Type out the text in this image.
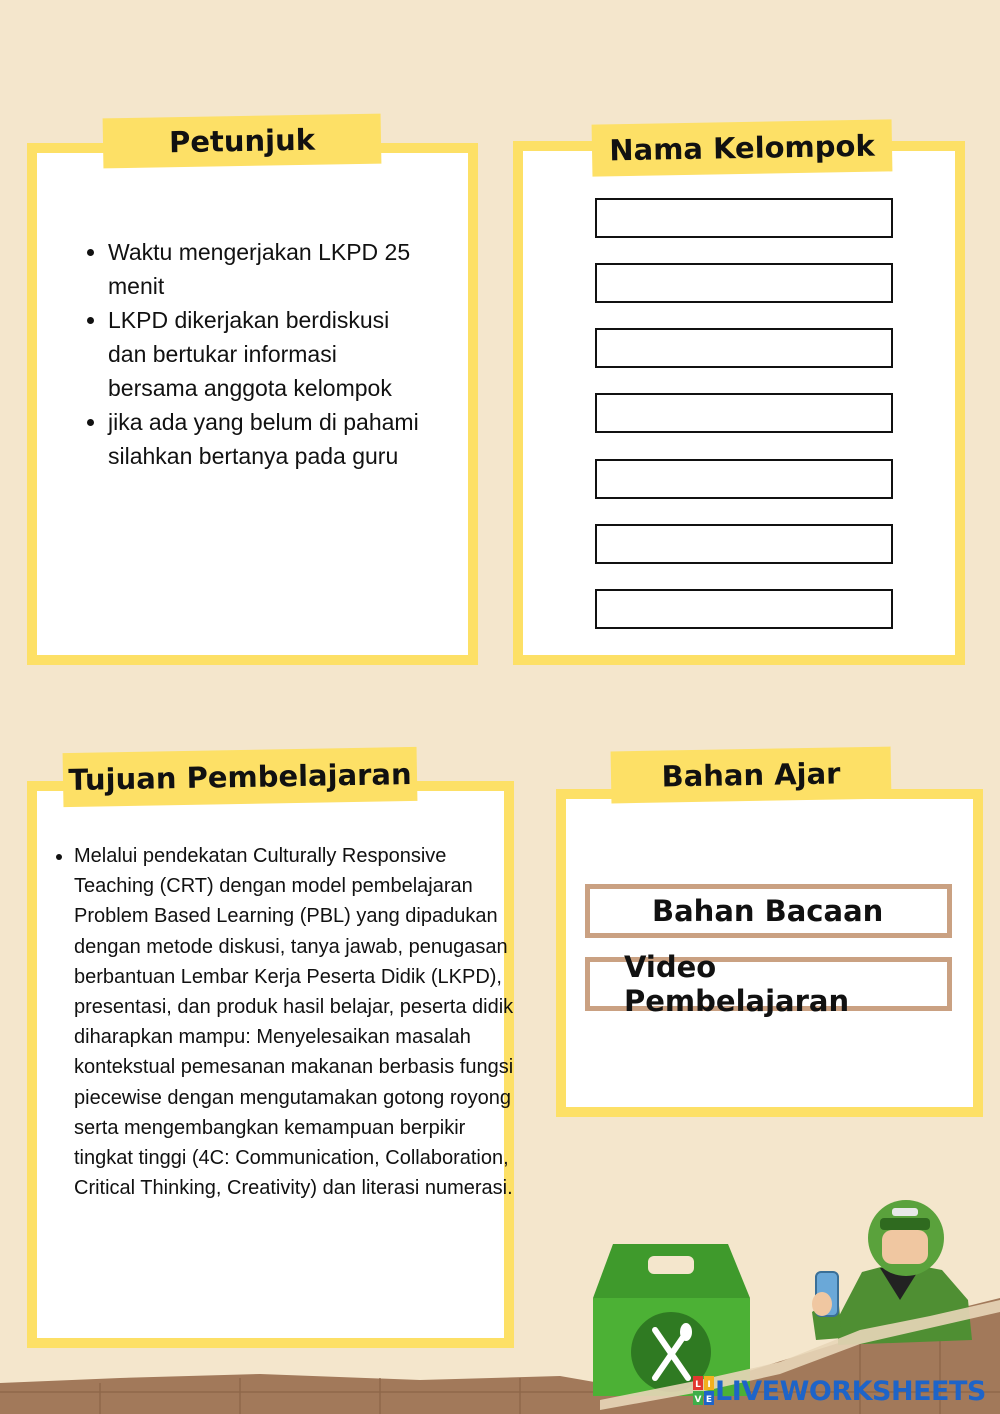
• Waktu mengerjakan LKPD 25 menit
• LKPD dikerjakan berdiskusi dan bertukar informasi bersama anggota kelompok
• jika ada yang belum di pahami silahkan bertanya pada guru
Petunjuk	Nama Kelompok
• Melalui pendekatan Culturally Responsive Teaching (CRT) dengan model pembelajaran Problem Based Learning (PBL) yang dipadukan dengan metode diskusi, tanya jawab, penugasan berbantuan Lembar Kerja Peserta Didik (LKPD), presentasi, dan produk hasil belajar, peserta didik diharapkan mampu: Menyelesaikan masalah kontekstual pemesanan makanan berbasis fungsi piecewise dengan mengutamakan gotong royong serta mengembangkan kemampuan berpikir tingkat tinggi (4C: Communication, Collaboration, Critical Thinking, Creativity) dan literasi numerasi.
Tujuan Pembelajaran	Bahan Ajar
Bahan Bacaan
Video Pembelajaran
L I
V E LIVEWORKSHEETS
